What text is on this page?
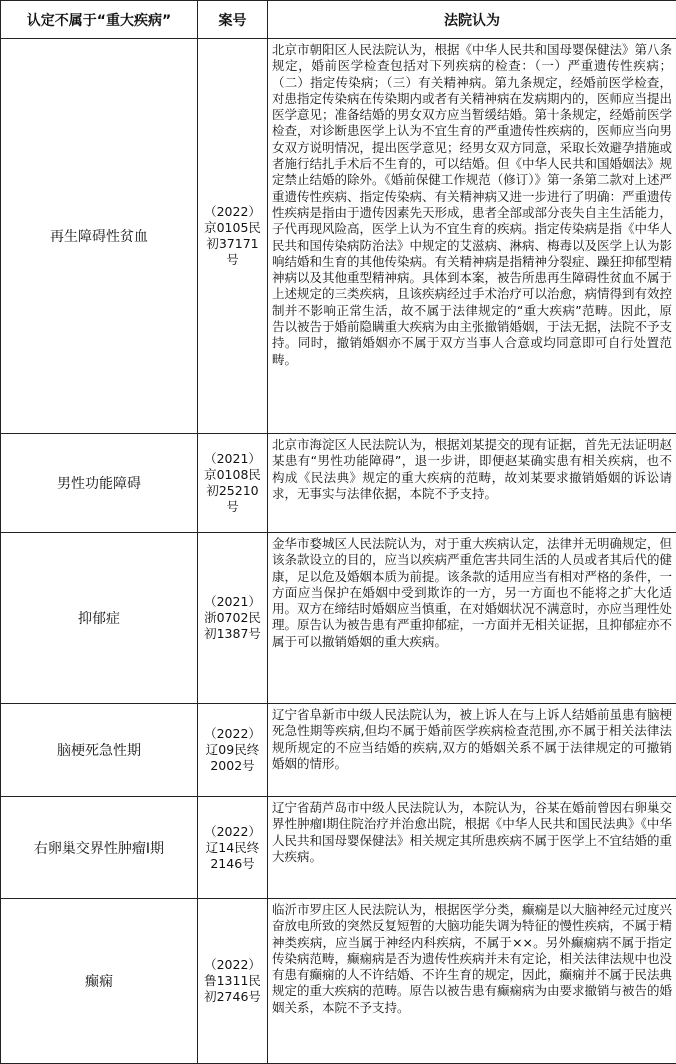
认定不属于“重大疾病”	案号	法院认为
再生障碍性贫血	（2022）京0105民初37171号	北京市朝阳区人民法院认为，根据《中华人民共和国母婴保健法》第八条规定，婚前医学检查包括对下列疾病的检查：（一）严重遗传性疾病；（二）指定传染病；（三）有关精神病。第九条规定，经婚前医学检查，对患指定传染病在传染期内或者有关精神病在发病期内的，医师应当提出医学意见；准备结婚的男女双方应当暂缓结婚。第十条规定，经婚前医学检查，对诊断患医学上认为不宜生育的严重遗传性疾病的，医师应当向男女双方说明情况，提出医学意见；经男女双方同意，采取长效避孕措施或者施行结扎手术后不生育的，可以结婚。但《中华人民共和国婚姻法》规定禁止结婚的除外。《婚前保健工作规范（修订）》第一条第二款对上述严重遗传性疾病、指定传染病、有关精神病又进一步进行了明确：严重遗传性疾病是指由于遗传因素先天形成，患者全部或部分丧失自主生活能力，子代再现风险高，医学上认为不宜生育的疾病。指定传染病是指《中华人民共和国传染病防治法》中规定的艾滋病、淋病、梅毒以及医学上认为影响结婚和生育的其他传染病。有关精神病是指精神分裂症、躁狂抑郁型精神病以及其他重型精神病。具体到本案，被告所患再生障碍性贫血不属于上述规定的三类疾病，且该疾病经过手术治疗可以治愈，病情得到有效控制并不影响正常生活，故不属于法律规定的“重大疾病”范畴。因此，原告以被告于婚前隐瞒重大疾病为由主张撤销婚姻，于法无据，法院不予支持。同时，撤销婚姻亦不属于双方当事人合意或均同意即可自行处置范畴。
男性功能障碍	（2021）京0108民初25210号	北京市海淀区人民法院认为，根据刘某提交的现有证据，首先无法证明赵某患有“男性功能障碍”，退一步讲，即便赵某确实患有相关疾病，也不构成《民法典》规定的重大疾病的范畴，故刘某要求撤销婚姻的诉讼请求，无事实与法律依据，本院不予支持。
抑郁症	（2021）浙0702民初1387号	金华市婺城区人民法院认为，对于重大疾病认定，法律并无明确规定，但该条款设立的目的，应当以疾病严重危害共同生活的人员或者其后代的健康，足以危及婚姻本质为前提。该条款的适用应当有相对严格的条件，一方面应当保护在婚姻中受到欺诈的一方，另一方面也不能将之扩大化适用。双方在缔结时婚姻应当慎重，在对婚姻状况不满意时，亦应当理性处理。原告认为被告患有严重抑郁症，一方面并无相关证据，且抑郁症亦不属于可以撤销婚姻的重大疾病。
脑梗死急性期	（2022）辽09民终2002号	辽宁省阜新市中级人民法院认为，被上诉人在与上诉人结婚前虽患有脑梗死急性期等疾病,但均不属于婚前医学疾病检查范围,亦不属于相关法律法规所规定的不应当结婚的疾病,双方的婚姻关系不属于法律规定的可撤销婚姻的情形。
右卵巢交界性肿瘤Ⅰ期	（2022）辽14民终2146号	辽宁省葫芦岛市中级人民法院认为，本院认为，谷某在婚前曾因右卵巢交界性肿瘤Ⅰ期住院治疗并治愈出院，根据《中华人民共和国民法典》《中华人民共和国母婴保健法》相关规定其所患疾病不属于医学上不宜结婚的重大疾病。
癫痫	（2022）鲁1311民初2746号	临沂市罗庄区人民法院认为，根据医学分类，癫痫是以大脑神经元过度兴奋放电所致的突然反复短暂的大脑功能失调为特征的慢性疾病，不属于精神类疾病，应当属于神经内科疾病，不属于××。另外癫痫病不属于指定传染病范畴，癫痫病是否为遗传性疾病并未有定论，相关法律法规中也没有患有癫痫的人不许结婚、不许生育的规定，因此，癫痫并不属于民法典规定的重大疾病的范畴。原告以被告患有癫痫病为由要求撤销与被告的婚姻关系，本院不予支持。
